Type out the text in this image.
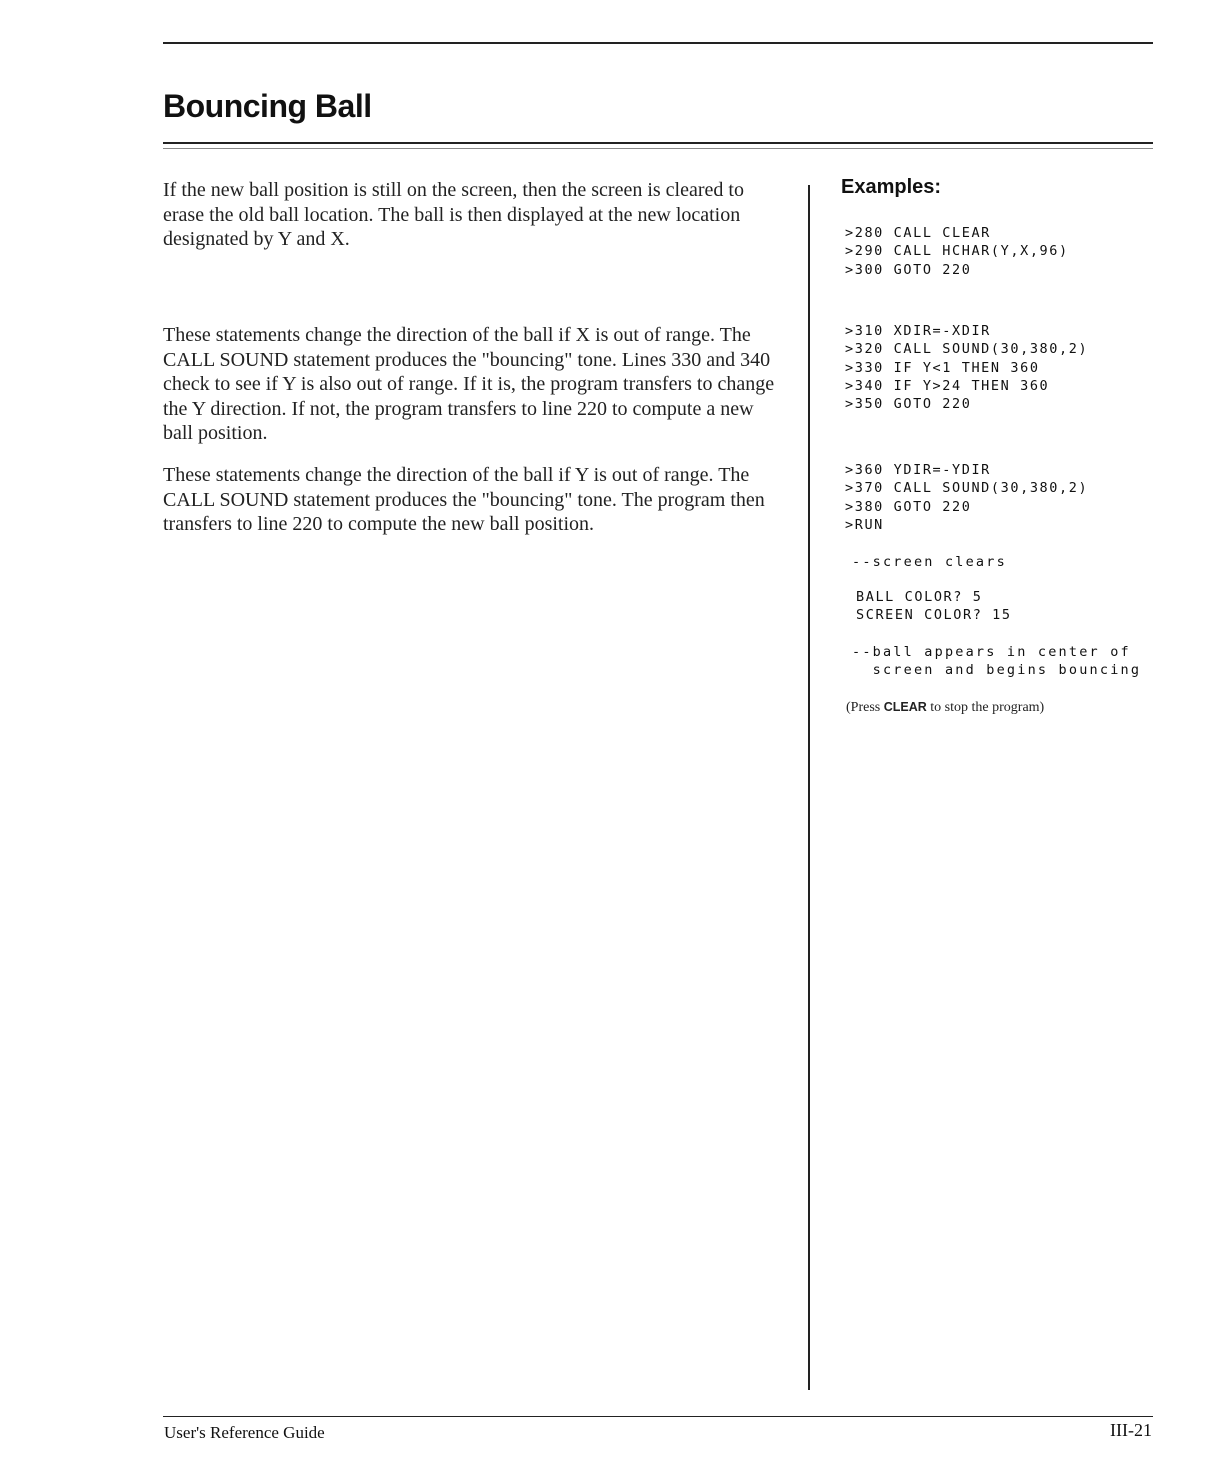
Bouncing Ball

If the new ball position is still on the screen, then the screen is cleared to erase the old ball location. The ball is then displayed at the new location designated by Y and X.

These statements change the direction of the ball if X is out of range. The CALL SOUND statement produces the "bouncing" tone. Lines 330 and 340 check to see if Y is also out of range. If it is, the program transfers to change the Y direction. If not, the program transfers to line 220 to compute a new ball position.

These statements change the direction of the ball if Y is out of range. The CALL SOUND statement produces the "bouncing" tone. The program then transfers to line 220 to compute the new ball position.

Examples:
>280 CALL CLEAR
>290 CALL HCHAR(Y,X,96)
>300 GOTO 220
>310 XDIR=-XDIR
>320 CALL SOUND(30,380,2)
>330 IF Y<1 THEN 360
>340 IF Y>24 THEN 360
>350 GOTO 220
>360 YDIR=-YDIR
>370 CALL SOUND(30,380,2)
>380 GOTO 220
>RUN
--screen clears
BALL COLOR? 5
SCREEN COLOR? 15
--ball appears in center of
screen and begins bouncing

(Press CLEAR to stop the program)

User's Reference Guide	III-21
